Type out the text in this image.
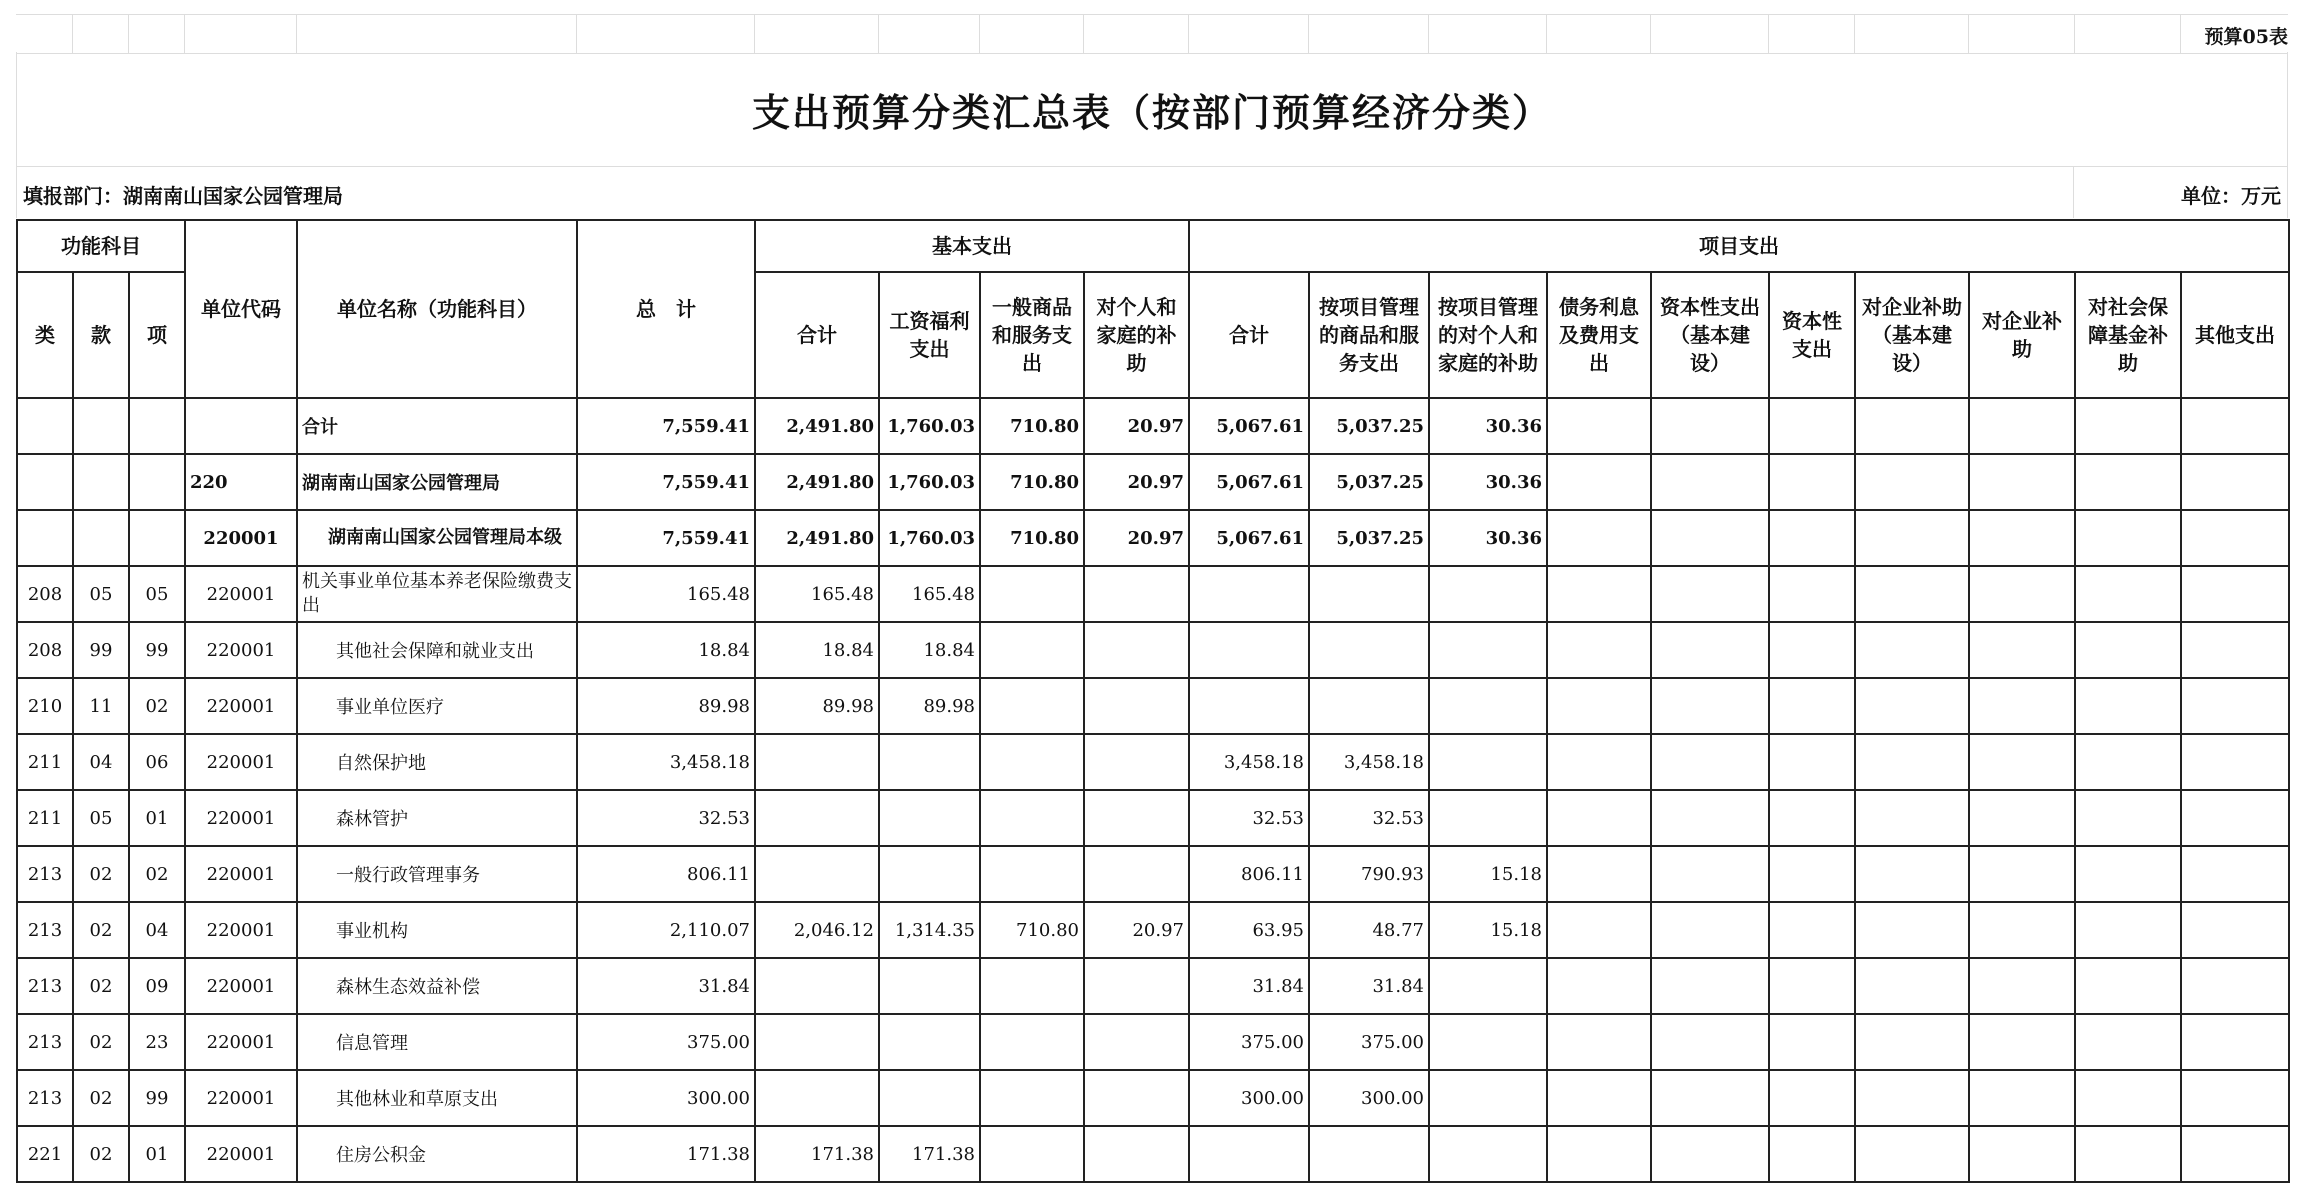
预算05表
支出预算分类汇总表（按部门预算经济分类）
填报部门：湖南南山国家公园管理局	单位：万元
功能科目			单位代码	单位名称（功能科目）	总　计	基本支出				项目支出									
类	款	项				合计	工资福利支出	一般商品和服务支出	对个人和家庭的补助	合计	按项目管理的商品和服务支出	按项目管理的对个人和家庭的补助	债务利息及费用支出	资本性支出（基本建设）	资本性支出	对企业补助（基本建设）	对企业补助	对社会保障基金补助	其他支出
				合计	7,559.41	2,491.80	1,760.03	710.80	20.97	5,067.61	5,037.25	30.36							
			220	湖南南山国家公园管理局	7,559.41	2,491.80	1,760.03	710.80	20.97	5,067.61	5,037.25	30.36							
			220001	湖南南山国家公园管理局本级	7,559.41	2,491.80	1,760.03	710.80	20.97	5,067.61	5,037.25	30.36							
208	05	05	220001	机关事业单位基本养老保险缴费支出	165.48	165.48	165.48												
208	99	99	220001	其他社会保障和就业支出	18.84	18.84	18.84												
210	11	02	220001	事业单位医疗	89.98	89.98	89.98												
211	04	06	220001	自然保护地	3,458.18					3,458.18	3,458.18								
211	05	01	220001	森林管护	32.53					32.53	32.53								
213	02	02	220001	一般行政管理事务	806.11					806.11	790.93	15.18							
213	02	04	220001	事业机构	2,110.07	2,046.12	1,314.35	710.80	20.97	63.95	48.77	15.18							
213	02	09	220001	森林生态效益补偿	31.84					31.84	31.84								
213	02	23	220001	信息管理	375.00					375.00	375.00								
213	02	99	220001	其他林业和草原支出	300.00					300.00	300.00								
221	02	01	220001	住房公积金	171.38	171.38	171.38												
